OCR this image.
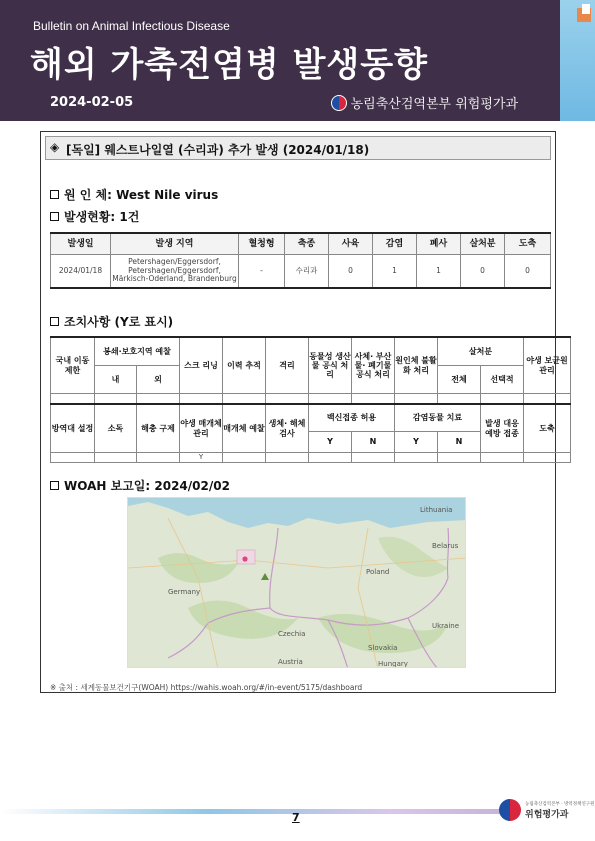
Bulletin on Animal Infectious Disease
해외 가축전염병 발생동향
2024-02-05	농림축산검역본부 위험평가과
◈ [독일] 웨스트나일열 (수리과) 추가 발생 (2024/01/18)
원 인 체: West Nile virus
발생현황: 1건
발생일	발생 지역	혈청형	축종	사육	감염	폐사	살처분	도축
2024/01/18	Petershagen/Eggersdorf,
Petershagen/Eggersdorf,
Märkisch-Oderland, Brandenburg	-	수리과	0	1	1	0	0
조치사항 (Y로 표시)
국내 이동 제한	봉쇄·보호지역 예찰		스크 리닝	이력 추적	격리	동물성 생산물 공식 처리	사체· 부산물· 폐기물 공식 처리	원인체 불활화 처리	살처분		야생 보균원 관리
	내	외							전체	선택적	

방역대 설정	소독	해충 구제	야생 매개체 관리	매개체 예찰	생체· 해체 검사	백신접종 허용		감염동물 치료		발생 대응 예방 접종	도축
						Y	N	Y	N		
			Y								
WOAH 보고일: 2024/02/02
Poland
Germany
Czechia
Slovakia
Ukraine
Belarus
Lithuania
Austria	Hungary
※ 출처 : 세계동물보건기구(WOAH) https://wahis.woah.org/#/in-event/5175/dashboard
7
농림축산검역본부 · 방역정책연구원
위험평가과
